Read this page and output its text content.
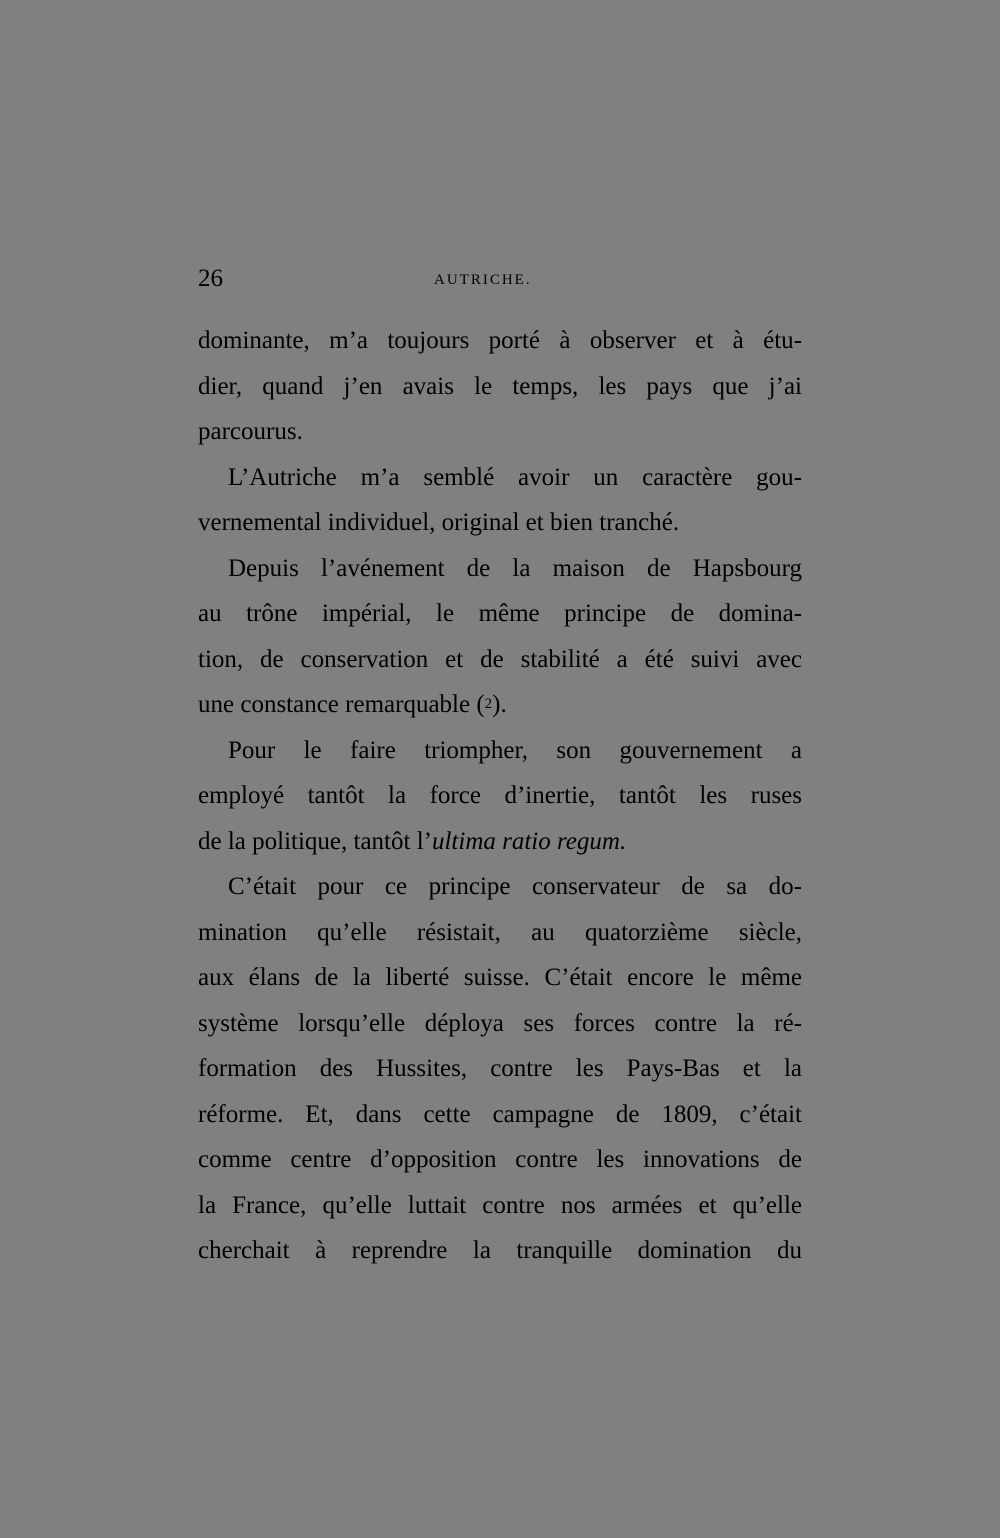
26	AUTRICHE.
dominante, m’a toujours porté à observer et à étu-
dier, quand j’en avais le temps, les pays que j’ai
parcourus.
L’Autriche m’a semblé avoir un caractère gou-
vernemental individuel, original et bien tranché.
Depuis l’avénement de la maison de Hapsbourg
au trône impérial, le même principe de domina-
tion, de conservation et de stabilité a été suivi avec
une constance remarquable ( 2 ).
Pour le faire triompher, son gouvernement a
employé tantôt la force d’inertie, tantôt les ruses
de la politique, tantôt l’ ultima ratio regum.
C’était pour ce principe conservateur de sa do-
mination qu’elle résistait, au quatorzième siècle,
aux élans de la liberté suisse. C’était encore le même
système lorsqu’elle déploya ses forces contre la ré-
formation des Hussites, contre les Pays-Bas et la
réforme. Et, dans cette campagne de 1809, c’était
comme centre d’opposition contre les innovations de
la France, qu’elle luttait contre nos armées et qu’elle
cherchait à reprendre la tranquille domination du
